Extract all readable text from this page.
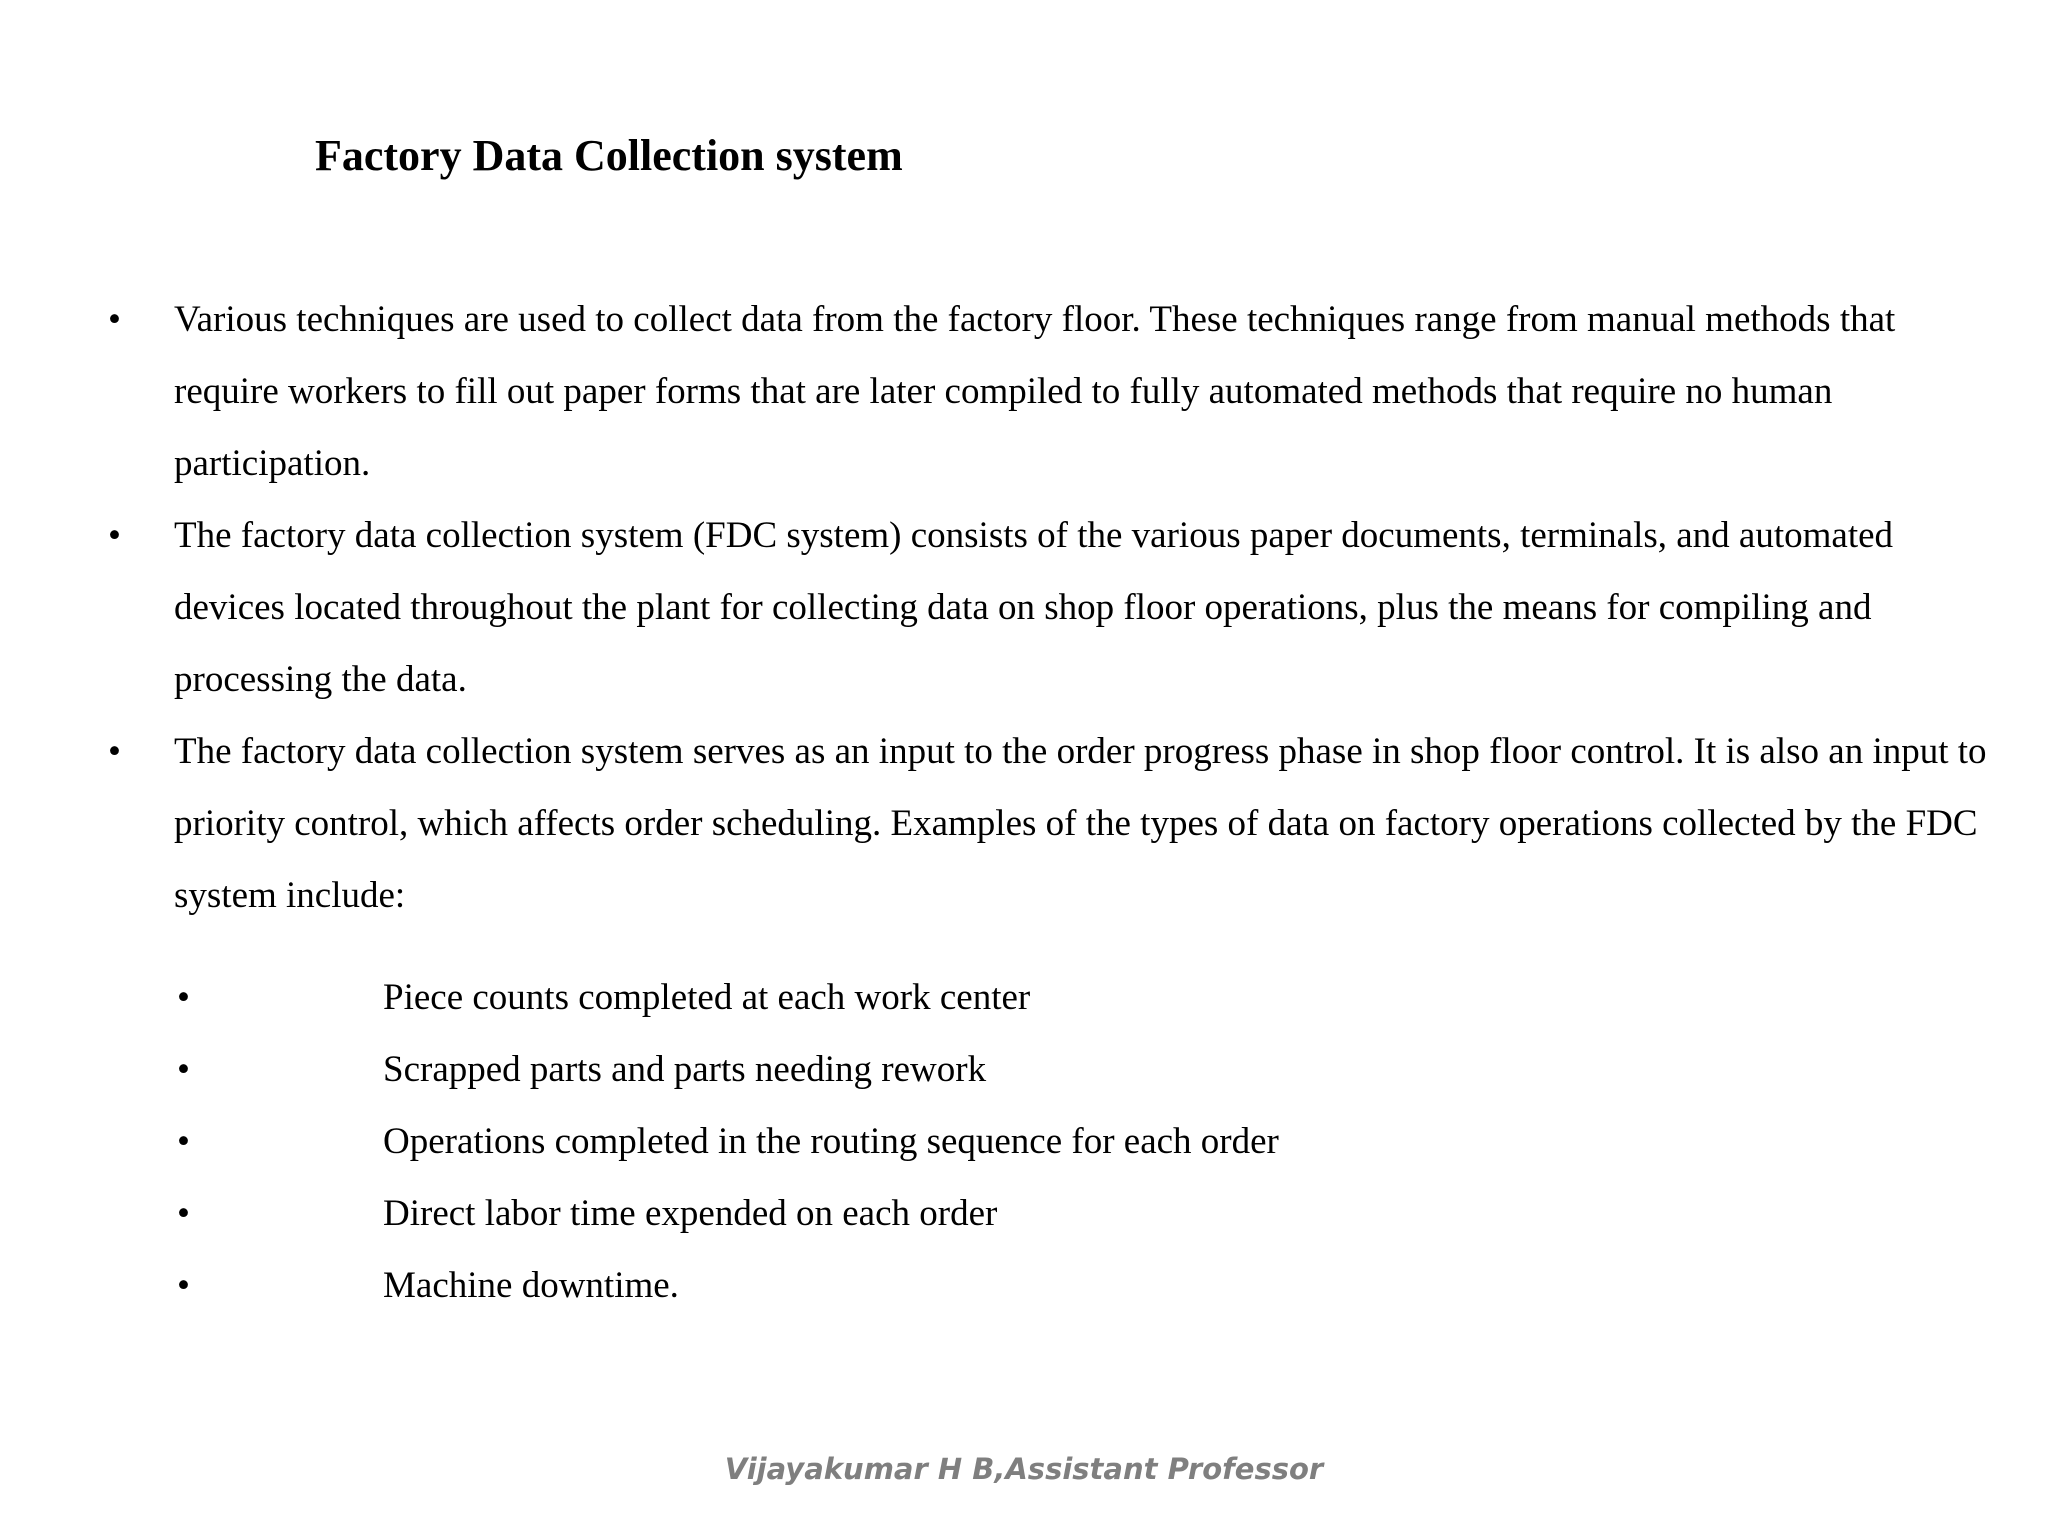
Factory Data Collection system
• Various techniques are used to collect data from the factory floor. These techniques range from manual methods that require workers to fill out paper forms that are later compiled to fully automated methods that require no human participation.
• The factory data collection system (FDC system) consists of the various paper documents, terminals, and automated devices located throughout the plant for collecting data on shop floor operations, plus the means for compiling and processing the data.
• The factory data collection system serves as an input to the order progress phase in shop floor control. It is also an input to priority control, which affects order scheduling. Examples of the types of data on factory operations collected by the FDC system include:
•	Piece counts completed at each work center
•	Scrapped parts and parts needing rework
•	Operations completed in the routing sequence for each order
•	Direct labor time expended on each order
•	Machine downtime.
Vijayakumar H B,Assistant Professor
